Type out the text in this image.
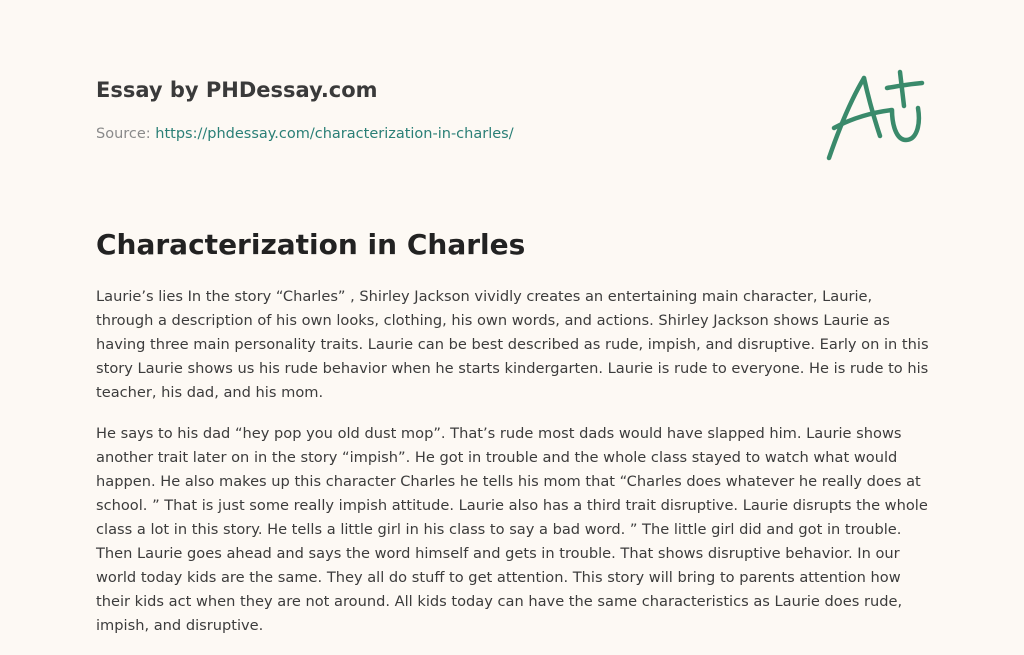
Essay by PHDessay.com
Source: https://phdessay.com/characterization-in-charles/
Characterization in Charles

Laurie’s lies In the story “Charles” , Shirley Jackson vividly creates an entertaining main character, Laurie, through a description of his own looks, clothing, his own words, and actions. Shirley Jackson shows Laurie as having three main personality traits. Laurie can be best described as rude, impish, and disruptive. Early on in this story Laurie shows us his rude behavior when he starts kindergarten. Laurie is rude to everyone. He is rude to his teacher, his dad, and his mom.

He says to his dad “hey pop you old dust mop”. That’s rude most dads would have slapped him. Laurie shows another trait later on in the story “impish”. He got in trouble and the whole class stayed to watch what would happen. He also makes up this character Charles he tells his mom that “Charles does whatever he really does at school. ” That is just some really impish attitude. Laurie also has a third trait disruptive. Laurie disrupts the whole class a lot in this story. He tells a little girl in his class to say a bad word. ” The little girl did and got in trouble. Then Laurie goes ahead and says the word himself and gets in trouble. That shows disruptive behavior. In our world today kids are the same. They all do stuff to get attention. This story will bring to parents attention how their kids act when they are not around. All kids today can have the same characteristics as Laurie does rude, impish, and disruptive.
